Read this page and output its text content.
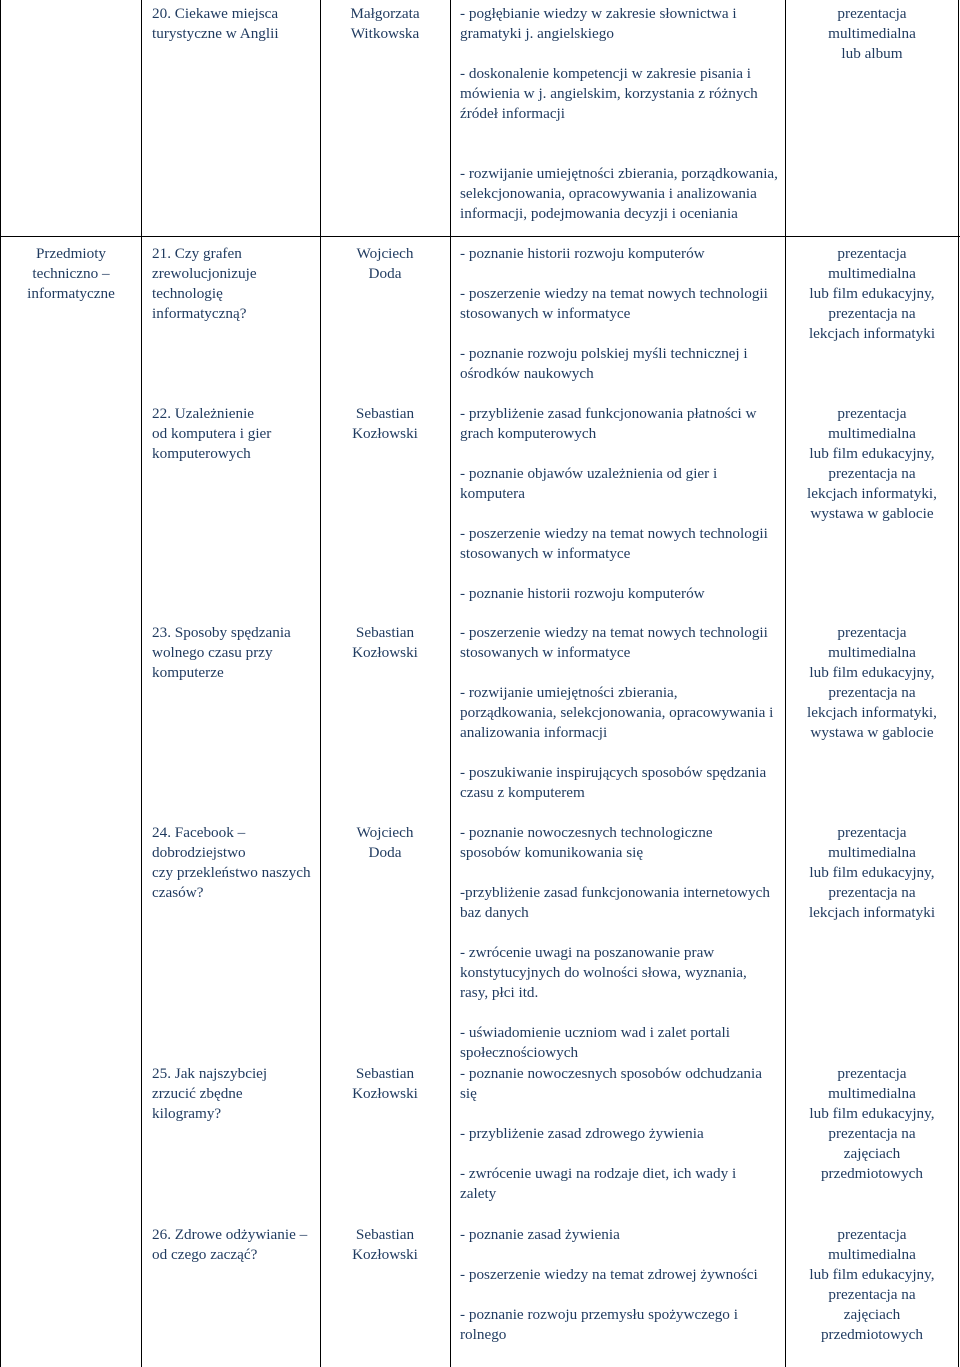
20. Ciekawe miejsca turystyczne w Anglii
Małgorzata
Witkowska
- pogłębianie wiedzy w zakresie słownictwa i gramatyki j. angielskiego
- doskonalenie kompetencji w zakresie pisania i mówienia w j. angielskim, korzystania z różnych źródeł informacji
- rozwijanie umiejętności zbierania, porządkowania, selekcjonowania, opracowywania i analizowania informacji, podejmowania decyzji i oceniania
prezentacja
multimedialna
lub album
Przedmioty
techniczno –
informatyczne
21. Czy grafen zrewolucjonizuje technologię informatyczną?
Wojciech
Doda
- poznanie historii rozwoju komputerów
- poszerzenie wiedzy na temat nowych technologii stosowanych w informatyce
- poznanie rozwoju polskiej myśli technicznej i ośrodków naukowych
prezentacja
multimedialna
lub film edukacyjny,
prezentacja na
lekcjach informatyki
22. Uzależnienie
od komputera i gier komputerowych
Sebastian
Kozłowski
- przybliżenie zasad funkcjonowania płatności w grach komputerowych
- poznanie objawów uzależnienia od gier i komputera
- poszerzenie wiedzy na temat nowych technologii stosowanych w informatyce
- poznanie historii rozwoju komputerów
prezentacja
multimedialna
lub film edukacyjny,
prezentacja na
lekcjach informatyki,
wystawa w gablocie
23. Sposoby spędzania wolnego czasu przy komputerze
Sebastian
Kozłowski
- poszerzenie wiedzy na temat nowych technologii stosowanych w informatyce
- rozwijanie umiejętności zbierania, porządkowania, selekcjonowania, opracowywania i analizowania informacji
- poszukiwanie inspirujących sposobów spędzania czasu z komputerem
prezentacja
multimedialna
lub film edukacyjny,
prezentacja na
lekcjach informatyki,
wystawa w gablocie
24. Facebook –
dobrodziejstwo
czy przekleństwo naszych czasów?
Wojciech
Doda
- poznanie nowoczesnych technologiczne sposobów komunikowania się
-przybliżenie zasad funkcjonowania internetowych baz danych
- zwrócenie uwagi na poszanowanie praw konstytucyjnych do wolności słowa, wyznania, rasy, płci itd.
- uświadomienie uczniom wad i zalet portali społecznościowych
prezentacja
multimedialna
lub film edukacyjny,
prezentacja na
lekcjach informatyki
25. Jak najszybciej zrzucić zbędne kilogramy?
Sebastian
Kozłowski
- poznanie nowoczesnych sposobów odchudzania się
- przybliżenie zasad zdrowego żywienia
- zwrócenie uwagi na rodzaje diet, ich wady i zalety
prezentacja
multimedialna
lub film edukacyjny,
prezentacja na
zajęciach
przedmiotowych
26. Zdrowe odżywianie – od czego zacząć?
Sebastian
Kozłowski
- poznanie zasad żywienia
- poszerzenie wiedzy na temat zdrowej żywności
- poznanie rozwoju przemysłu spożywczego i rolnego
prezentacja
multimedialna
lub film edukacyjny,
prezentacja na
zajęciach
przedmiotowych
